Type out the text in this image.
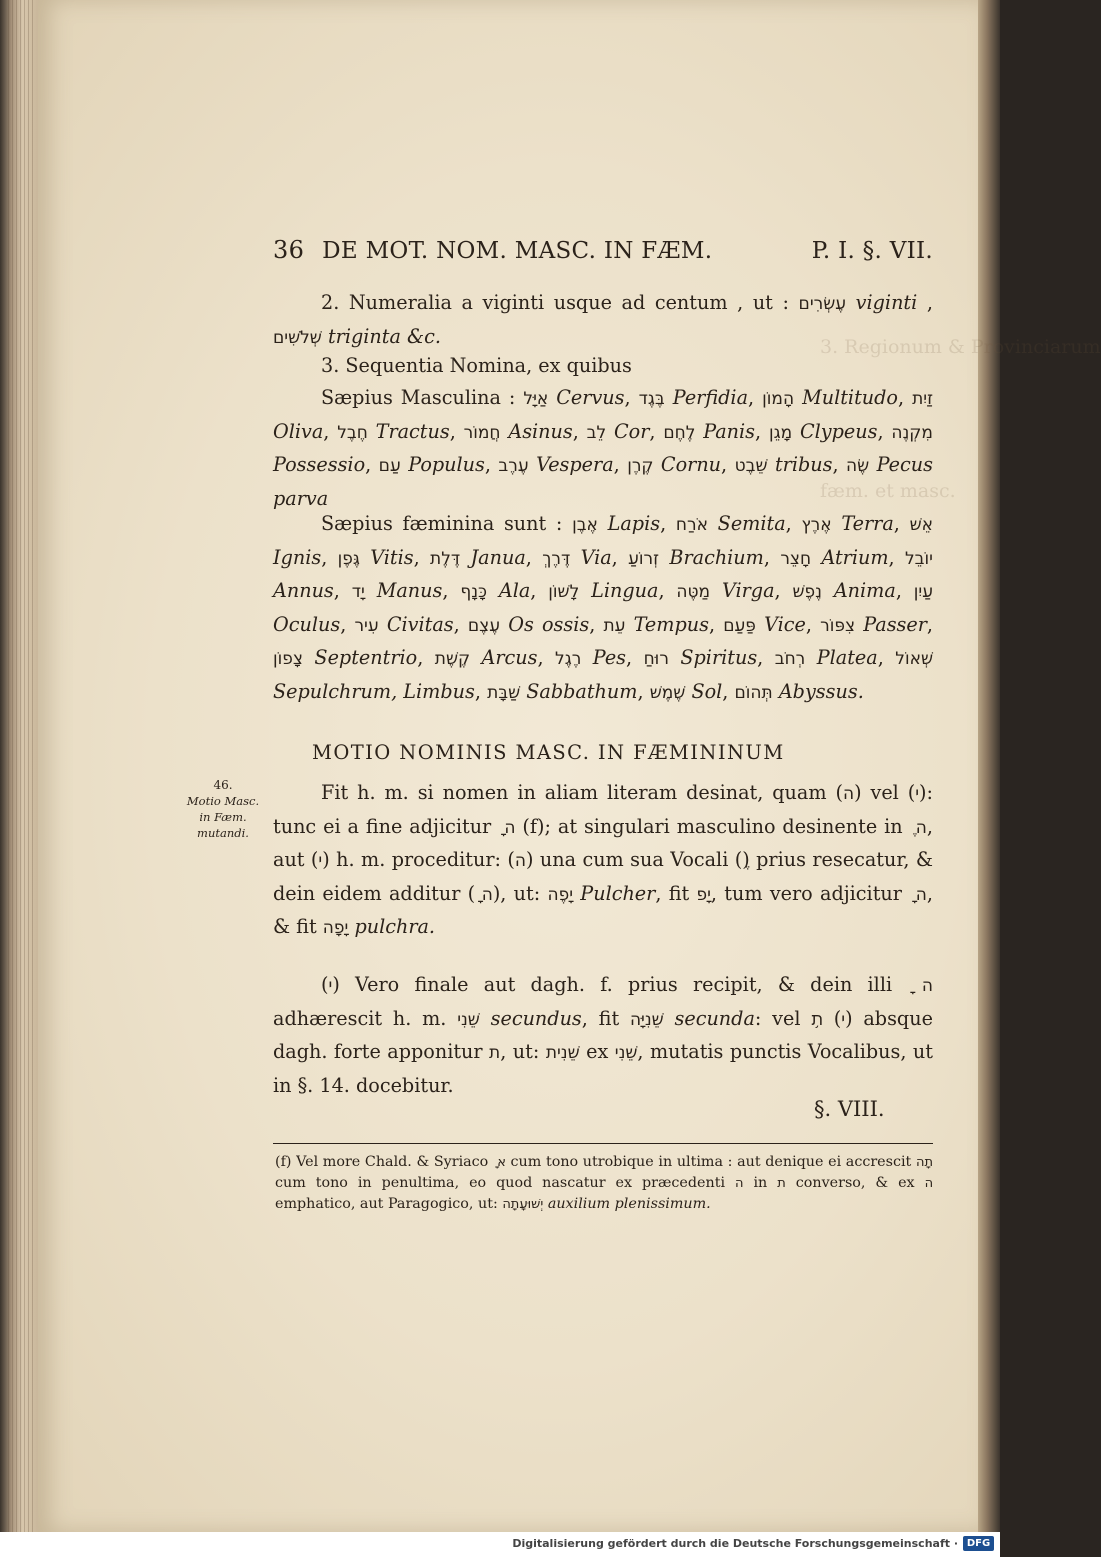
3. Regionum & Provinciarum
fæm. et masc.
36 DE MOT. NOM. MASC. IN FÆM.	P. I. §. VII.
2. Numeralia a viginti usque ad centum , ut : עֶשְׂרִים viginti , שְׁלֹשִׁים triginta &c.
3. Sequentia Nomina, ex quibus
Sæpius Masculina : אַיָּל Cervus, בֶּגֶד Perfidia, הָמוֹן Multitudo, זַיִת Oliva, חֶבֶל Tractus, חֲמוֹר Asinus, לֵב Cor, לֶחֶם Panis, מָגֵן Clypeus, מִקְנֶה Possessio, עַם Populus, עֶרֶב Vespera, קֶרֶן Cornu, שֵׁבֶט tribus, שֶׂה Pecus parva
Sæpius fæminina sunt : אֶבֶן Lapis, אֹרַח Semita, אֶרֶץ Terra, אֵשׁ Ignis, גֶּפֶן Vitis, דֶּלֶת Janua, דֶּרֶךְ Via, זְרוֹעַ Brachium, חָצֵר Atrium, יוֹבֵל Annus, יָד Manus, כָּנָף Ala, לָשׁוֹן Lingua, מַטֶּה Virga, נֶפֶשׁ Anima, עַיִן Oculus, עִיר Civitas, עֶצֶם Os ossis, עֵת Tempus, פַּעַם Vice, צִפּוֹר Passer, צָפוֹן Septentrio, קֶשֶׁת Arcus, רֶגֶל Pes, רוּחַ Spiritus, רְחֹב Platea, שְׁאוֹל Sepulchrum, Limbus, שַׁבָּת Sabbathum, שֶׁמֶשׁ Sol, תְּהוֹם Abyssus.
MOTIO NOMINIS MASC. IN FÆMININUM
46.
Motio Masc. in Fæm. mutandi.
Fit h. m. si nomen in aliam literam desinat, quam (ה) vel (י): tunc ei a fine adjicitur ה ָ (f); at singulari masculino desinente in ה ֶ, aut (י) h. m. proceditur: (ה) una cum sua Vocali () prius resecatur, & dein eidem additur (ה ָ), ut: יָפֶה Pulcher, fit יָפ, tum vero adjicitur ה ָ, & fit יָפָה pulchra.
(י) Vero finale aut dagh. f. prius recipit, & dein illi ה ָ adhærescit h. m. שֵׁנִי secundus, fit שֵׁנִיָּה secunda: vel ת֥ (י) absque dagh. forte apponitur ת, ut: שֵׁנִית ex שֵׁנִי, mutatis punctis Vocalibus, ut in §. 14. docebitur.
§. VIII.
(f) Vel more Chald. & Syriaco א ָ cum tono utrobique in ultima : aut denique ei accrescit תָה cum tono in penultima, eo quod nascatur ex præcedenti ה in ת converso, & ex ה emphatico, aut Paragogico, ut: יְשׁוּעָתָה auxilium plenissimum.
Digitalisierung gefördert durch die Deutsche Forschungsgemeinschaft · DFG
